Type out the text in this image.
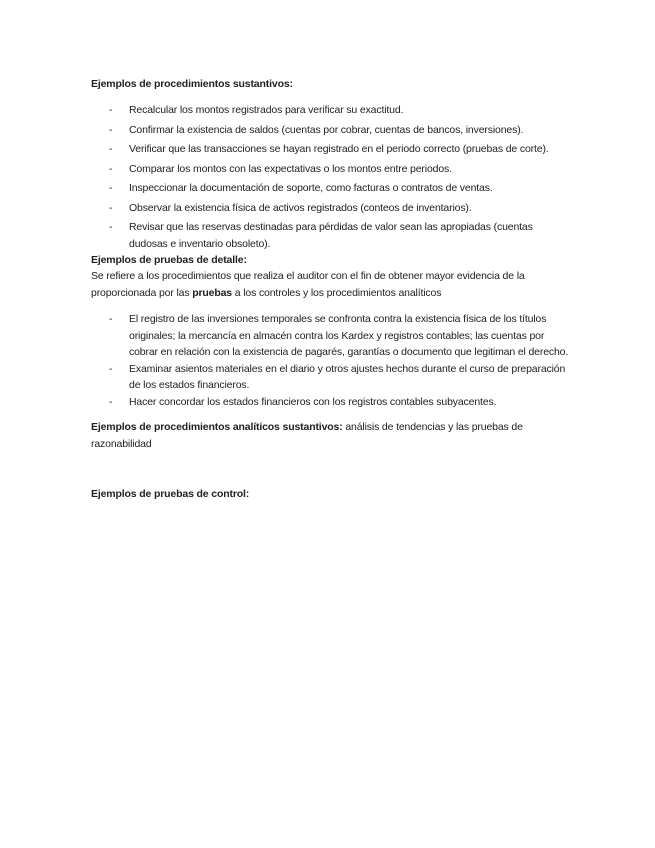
Ejemplos de procedimientos sustantivos:

- Recalcular los montos registrados para verificar su exactitud.
- Confirmar la existencia de saldos (cuentas por cobrar, cuentas de bancos, inversiones).
- Verificar que las transacciones se hayan registrado en el periodo correcto (pruebas de corte).
- Comparar los montos con las expectativas o los montos entre periodos.
- Inspeccionar la documentación de soporte, como facturas o contratos de ventas.
- Observar la existencia física de activos registrados (conteos de inventarios).
- Revisar que las reservas destinadas para pérdidas de valor sean las apropiadas (cuentas dudosas e inventario obsoleto).

Ejemplos de pruebas de detalle:

Se refiere a los procedimientos que realiza el auditor con el fin de obtener mayor evidencia de la proporcionada por las pruebas a los controles y los procedimientos analíticos

- El registro de las inversiones temporales se confronta contra la existencia física de los títulos originales; la mercancía en almacén contra los Kardex y registros contables; las cuentas por cobrar en relación con la existencia de pagarés, garantías o documento que legitiman el derecho.
- Examinar asientos materiales en el diario y otros ajustes hechos durante el curso de preparación de los estados financieros.
- Hacer concordar los estados financieros con los registros contables subyacentes.

Ejemplos de procedimientos analíticos sustantivos: análisis de tendencias y las pruebas de razonabilidad

Ejemplos de pruebas de control:
